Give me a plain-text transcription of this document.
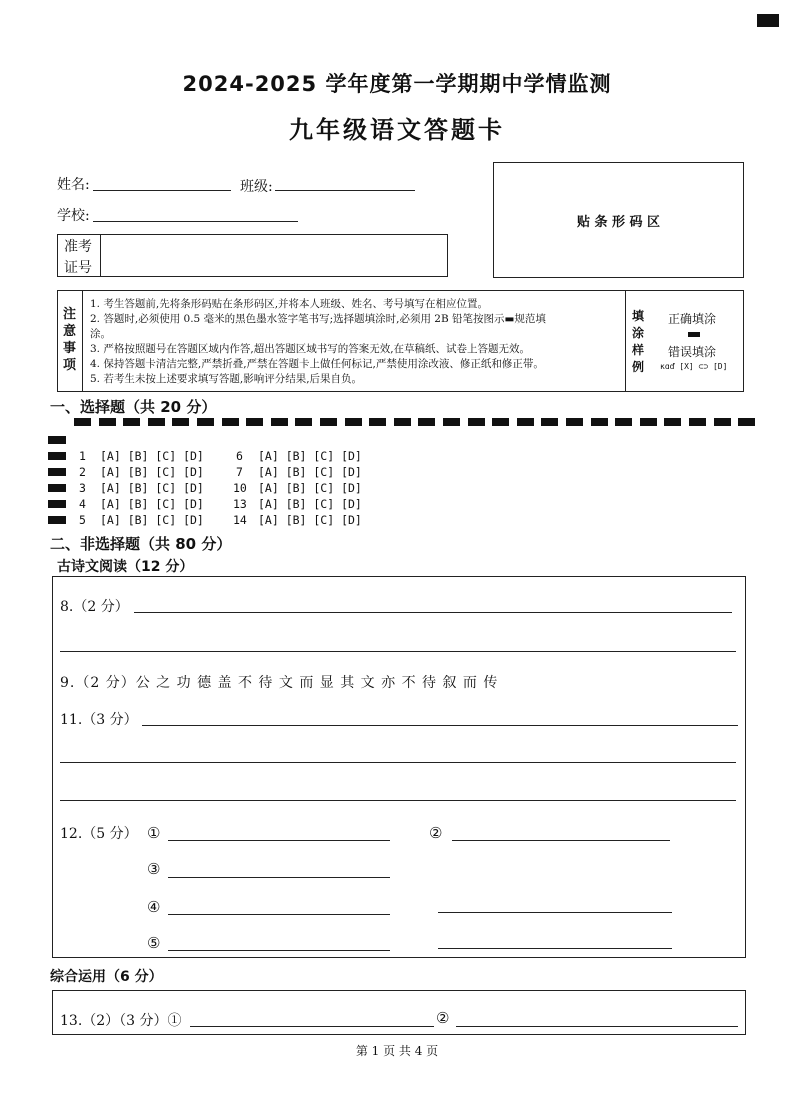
2024-2025 学年度第一学期期中学情监测
九年级语文答题卡
姓名:	班级:
学校:
准考
证号
贴 条 形 码 区
注
意
事
项
1. 考生答题前,先将条形码贴在条形码区,并将本人班级、姓名、考号填写在相应位置。
2. 答题时,必须使用 0.5 毫米的黑色墨水签字笔书写;选择题填涂时,必须用 2B 铅笔按图示▬规范填
涂。
3. 严格按照题号在答题区域内作答,超出答题区域书写的答案无效,在草稿纸、试卷上答题无效。
4. 保持答题卡清洁完整,严禁折叠,严禁在答题卡上做任何标记,严禁使用涂改液、修正纸和修正带。
5. 若考生未按上述要求填写答题,影响评分结果,后果自负。
填
涂
样
例
正确填涂
错误填涂
ĸɑď [X] ⊂⊃ [D]
一、选择题（共 20 分）
1 [A] [B] [C] [D]	6 [A] [B] [C] [D]
2 [A] [B] [C] [D]	7 [A] [B] [C] [D]
3 [A] [B] [C] [D]	10 [A] [B] [C] [D]
4 [A] [B] [C] [D]	13 [A] [B] [C] [D]
5 [A] [B] [C] [D]	14 [A] [B] [C] [D]
二、非选择题（共 80 分）
古诗文阅读（12 分）
8.（2 分）
9.（2 分）公 之 功 德 盖 不 待 文 而 显 其 文 亦 不 待 叙 而 传
11.（3 分）
12.（5 分） ①	②
③
④
⑤
综合运用（6 分）
13.（2）（3 分）①	②
第 1 页 共 4 页
